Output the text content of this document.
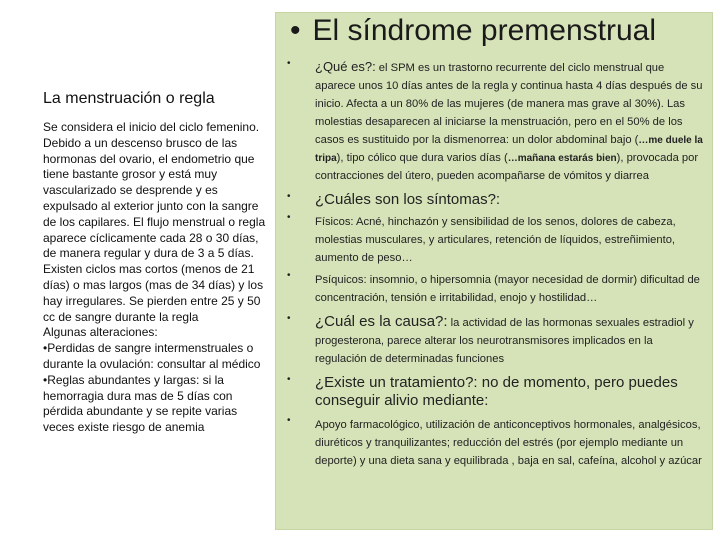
• El síndrome premenstrual
La menstruación o regla

Se considera el inicio del ciclo femenino. Debido a un descenso brusco de las hormonas del ovario, el endometrio que tiene bastante grosor y está muy vascularizado se desprende y es expulsado al exterior junto con la sangre de los capilares. El flujo menstrual o regla aparece cíclicamente cada 28 o 30 días, de manera regular y dura de 3 a 5 días.

Existen ciclos mas cortos (menos de 21 días) o mas largos (mas de 34 días) y los hay irregulares. Se pierden entre 25 y 50 cc de sangre durante la regla

Algunas alteraciones:

•Perdidas de sangre intermenstruales o durante la ovulación: consultar al médico

•Reglas abundantes y largas: si la hemorragia dura mas de 5 días con pérdida abundante y se repite varias veces existe riesgo de anemia

• ¿Qué es?: el SPM es un trastorno recurrente del ciclo menstrual que aparece unos 10 días antes de la regla y continua hasta 4 días después de su inicio. Afecta a un 80% de las mujeres (de manera mas grave al 30%). Las molestias desaparecen al iniciarse la menstruación, pero en el 50% de los casos es sustituido por la dismenorrea: un dolor abdominal bajo (…me duele la tripa), tipo cólico que dura varios días (…mañana estarás bien), provocada por contracciones del útero, pueden acompañarse de vómitos y diarrea
• ¿Cuáles son los síntomas?:
• Físicos: Acné, hinchazón y sensibilidad de los senos, dolores de cabeza, molestias musculares, y articulares, retención de líquidos, estreñimiento, aumento de peso…
• Psíquicos: insomnio, o hipersomnia (mayor necesidad de dormir) dificultad de concentración, tensión e irritabilidad, enojo y hostilidad…
• ¿Cuál es la causa?: la actividad de las hormonas sexuales estradiol y progesterona, parece alterar los neurotransmisores implicados en la regulación de determinadas funciones
• ¿Existe un tratamiento?: no de momento, pero puedes conseguir alivio mediante:
• Apoyo farmacológico, utilización de anticonceptivos hormonales, analgésicos, diuréticos y tranquilizantes; reducción del estrés (por ejemplo mediante un deporte) y una dieta sana y equilibrada , baja en sal, cafeína, alcohol y azúcar
